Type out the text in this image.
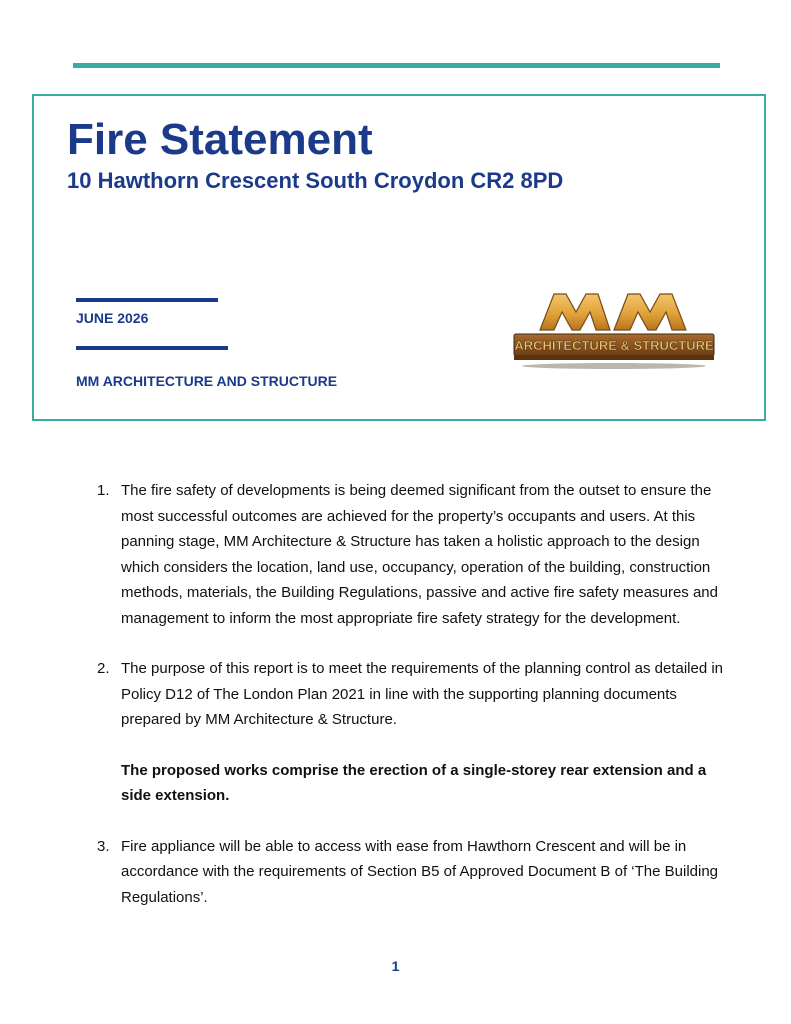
Fire Statement
10 Hawthorn Crescent South Croydon CR2 8PD
JUNE 2026
MM ARCHITECTURE AND STRUCTURE
ARCHITECTURE & STRUCTURE
1. The fire safety of developments is being deemed significant from the outset to ensure the most successful outcomes are achieved for the property’s occupants and users. At this panning stage, MM Architecture & Structure has taken a holistic approach to the design which considers the location, land use, occupancy, operation of the building, construction methods, materials, the Building Regulations, passive and active fire safety measures and management to inform the most appropriate fire safety strategy for the development.
2. The purpose of this report is to meet the requirements of the planning control as detailed in Policy D12 of The London Plan 2021 in line with the supporting planning documents prepared by MM Architecture & Structure.
The proposed works comprise the erection of a single-storey rear extension and a side extension.
3. Fire appliance will be able to access with ease from Hawthorn Crescent and will be in accordance with the requirements of Section B5 of Approved Document B of ‘The Building Regulations’.
1
